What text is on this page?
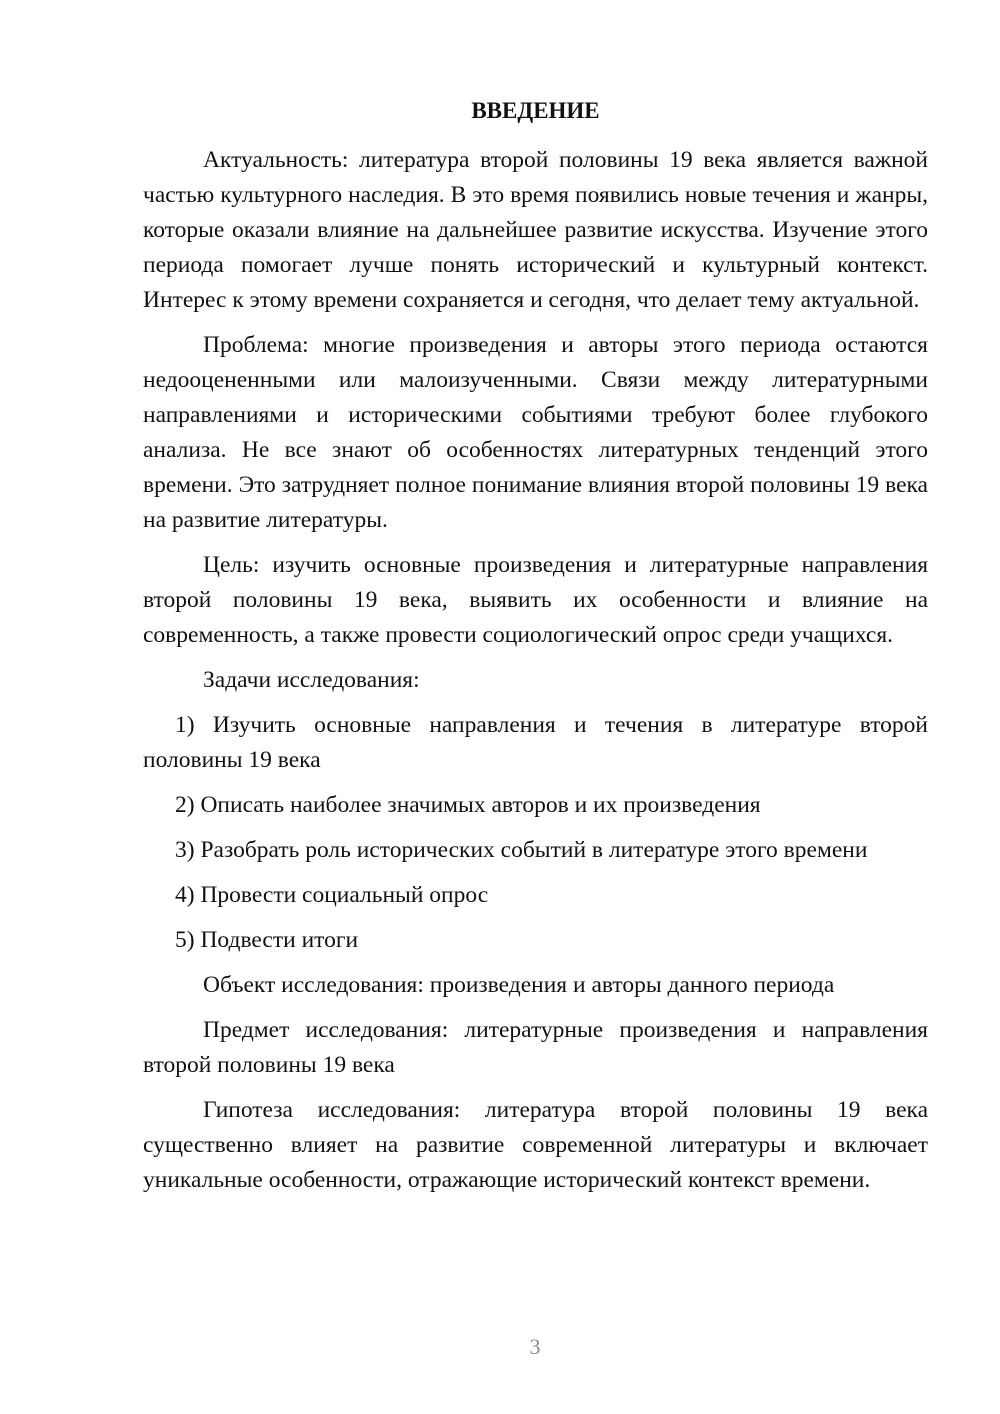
ВВЕДЕНИЕ

Актуальность: литература второй половины 19 века является важной частью культурного наследия. В это время появились новые течения и жанры, которые оказали влияние на дальнейшее развитие искусства. Изучение этого периода помогает лучше понять исторический и культурный контекст. Интерес к этому времени сохраняется и сегодня, что делает тему актуальной.

Проблема: многие произведения и авторы этого периода остаются недооцененными или малоизученными. Связи между литературными направлениями и историческими событиями требуют более глубокого анализа. Не все знают об особенностях литературных тенденций этого времени. Это затрудняет полное понимание влияния второй половины 19 века на развитие литературы.

Цель: изучить основные произведения и литературные направления второй половины 19 века, выявить их особенности и влияние на современность, а также провести социологический опрос среди учащихся.

Задачи исследования:

1) Изучить основные направления и течения в литературе второй половины 19 века

2) Описать наиболее значимых авторов и их произведения

3) Разобрать роль исторических событий в литературе этого времени

4) Провести социальный опрос

5) Подвести итоги

Объект исследования: произведения и авторы данного периода

Предмет исследования: литературные произведения и направления второй половины 19 века

Гипотеза исследования: литература второй половины 19 века существенно влияет на развитие современной литературы и включает уникальные особенности, отражающие исторический контекст времени.

3
